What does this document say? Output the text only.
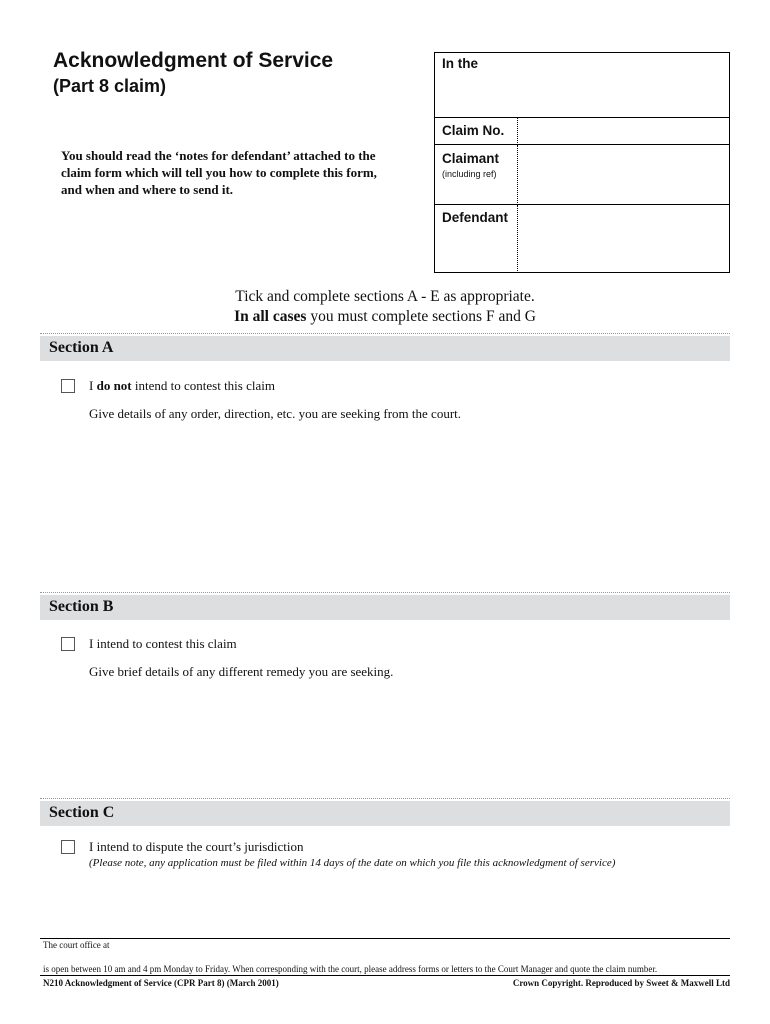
Acknowledgment of Service
(Part 8 claim)
You should read the ‘notes for defendant’ attached to the claim form which will tell you how to complete this form, and when and where to send it.
In the
Claim No.
Claimant
(including ref)
Defendant
Tick and complete sections A - E as appropriate.
In all cases you must complete sections F and G
Section A
I do not intend to contest this claim
Give details of any order, direction, etc. you are seeking from the court.
Section B
I intend to contest this claim
Give brief details of any different remedy you are seeking.
Section C
I intend to dispute the court’s jurisdiction
(Please note, any application must be filed within 14 days of the date on which you file this acknowledgment of service)
The court office at
is open between 10 am and 4 pm Monday to Friday. When corresponding with the court, please address forms or letters to the Court Manager and quote the claim number.
N210 Acknowledgment of Service (CPR Part 8) (March 2001)	Crown Copyright. Reproduced by Sweet & Maxwell Ltd
